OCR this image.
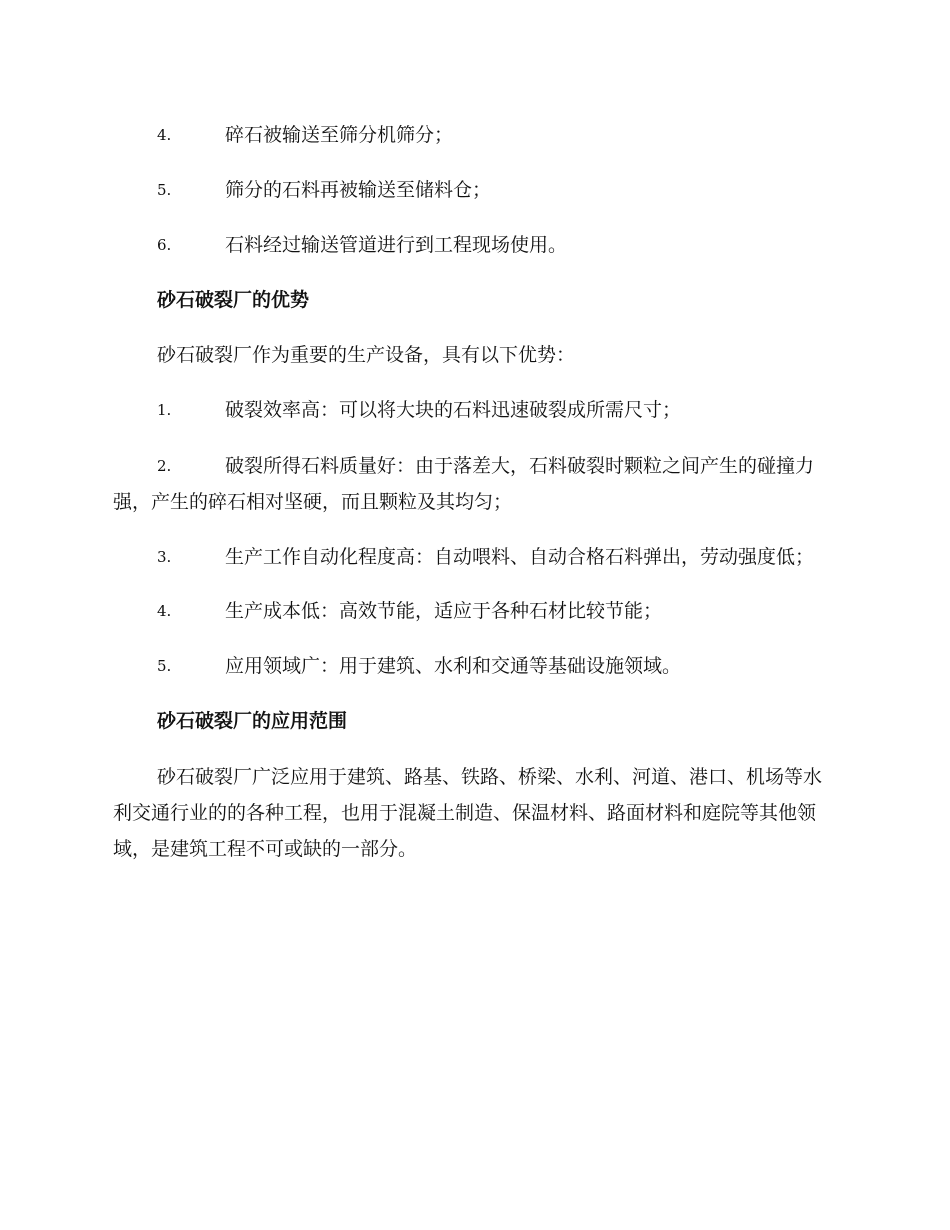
4.	碎石被输送至筛分机筛分；
5.	筛分的石料再被输送至储料仓；
6.	石料经过输送管道进行到工程现场使用。
砂石破裂厂的优势

砂石破裂厂作为重要的生产设备，具有以下优势：

1.	破裂效率高：可以将大块的石料迅速破裂成所需尺寸；
2.	破裂所得石料质量好：由于落差大，石料破裂时颗粒之间产生的碰撞力强，产生的碎石相对坚硬，而且颗粒及其均匀；
3.	生产工作自动化程度高：自动喂料、自动合格石料弹出，劳动强度低；
4.	生产成本低：高效节能，适应于各种石材比较节能；
5.	应用领域广：用于建筑、水利和交通等基础设施领域。
砂石破裂厂的应用范围

砂石破裂厂广泛应用于建筑、路基、铁路、桥梁、水利、河道、港口、机场等水利交通行业的的各种工程，也用于混凝土制造、保温材料、路面材料和庭院等其他领域，是建筑工程不可或缺的一部分。
